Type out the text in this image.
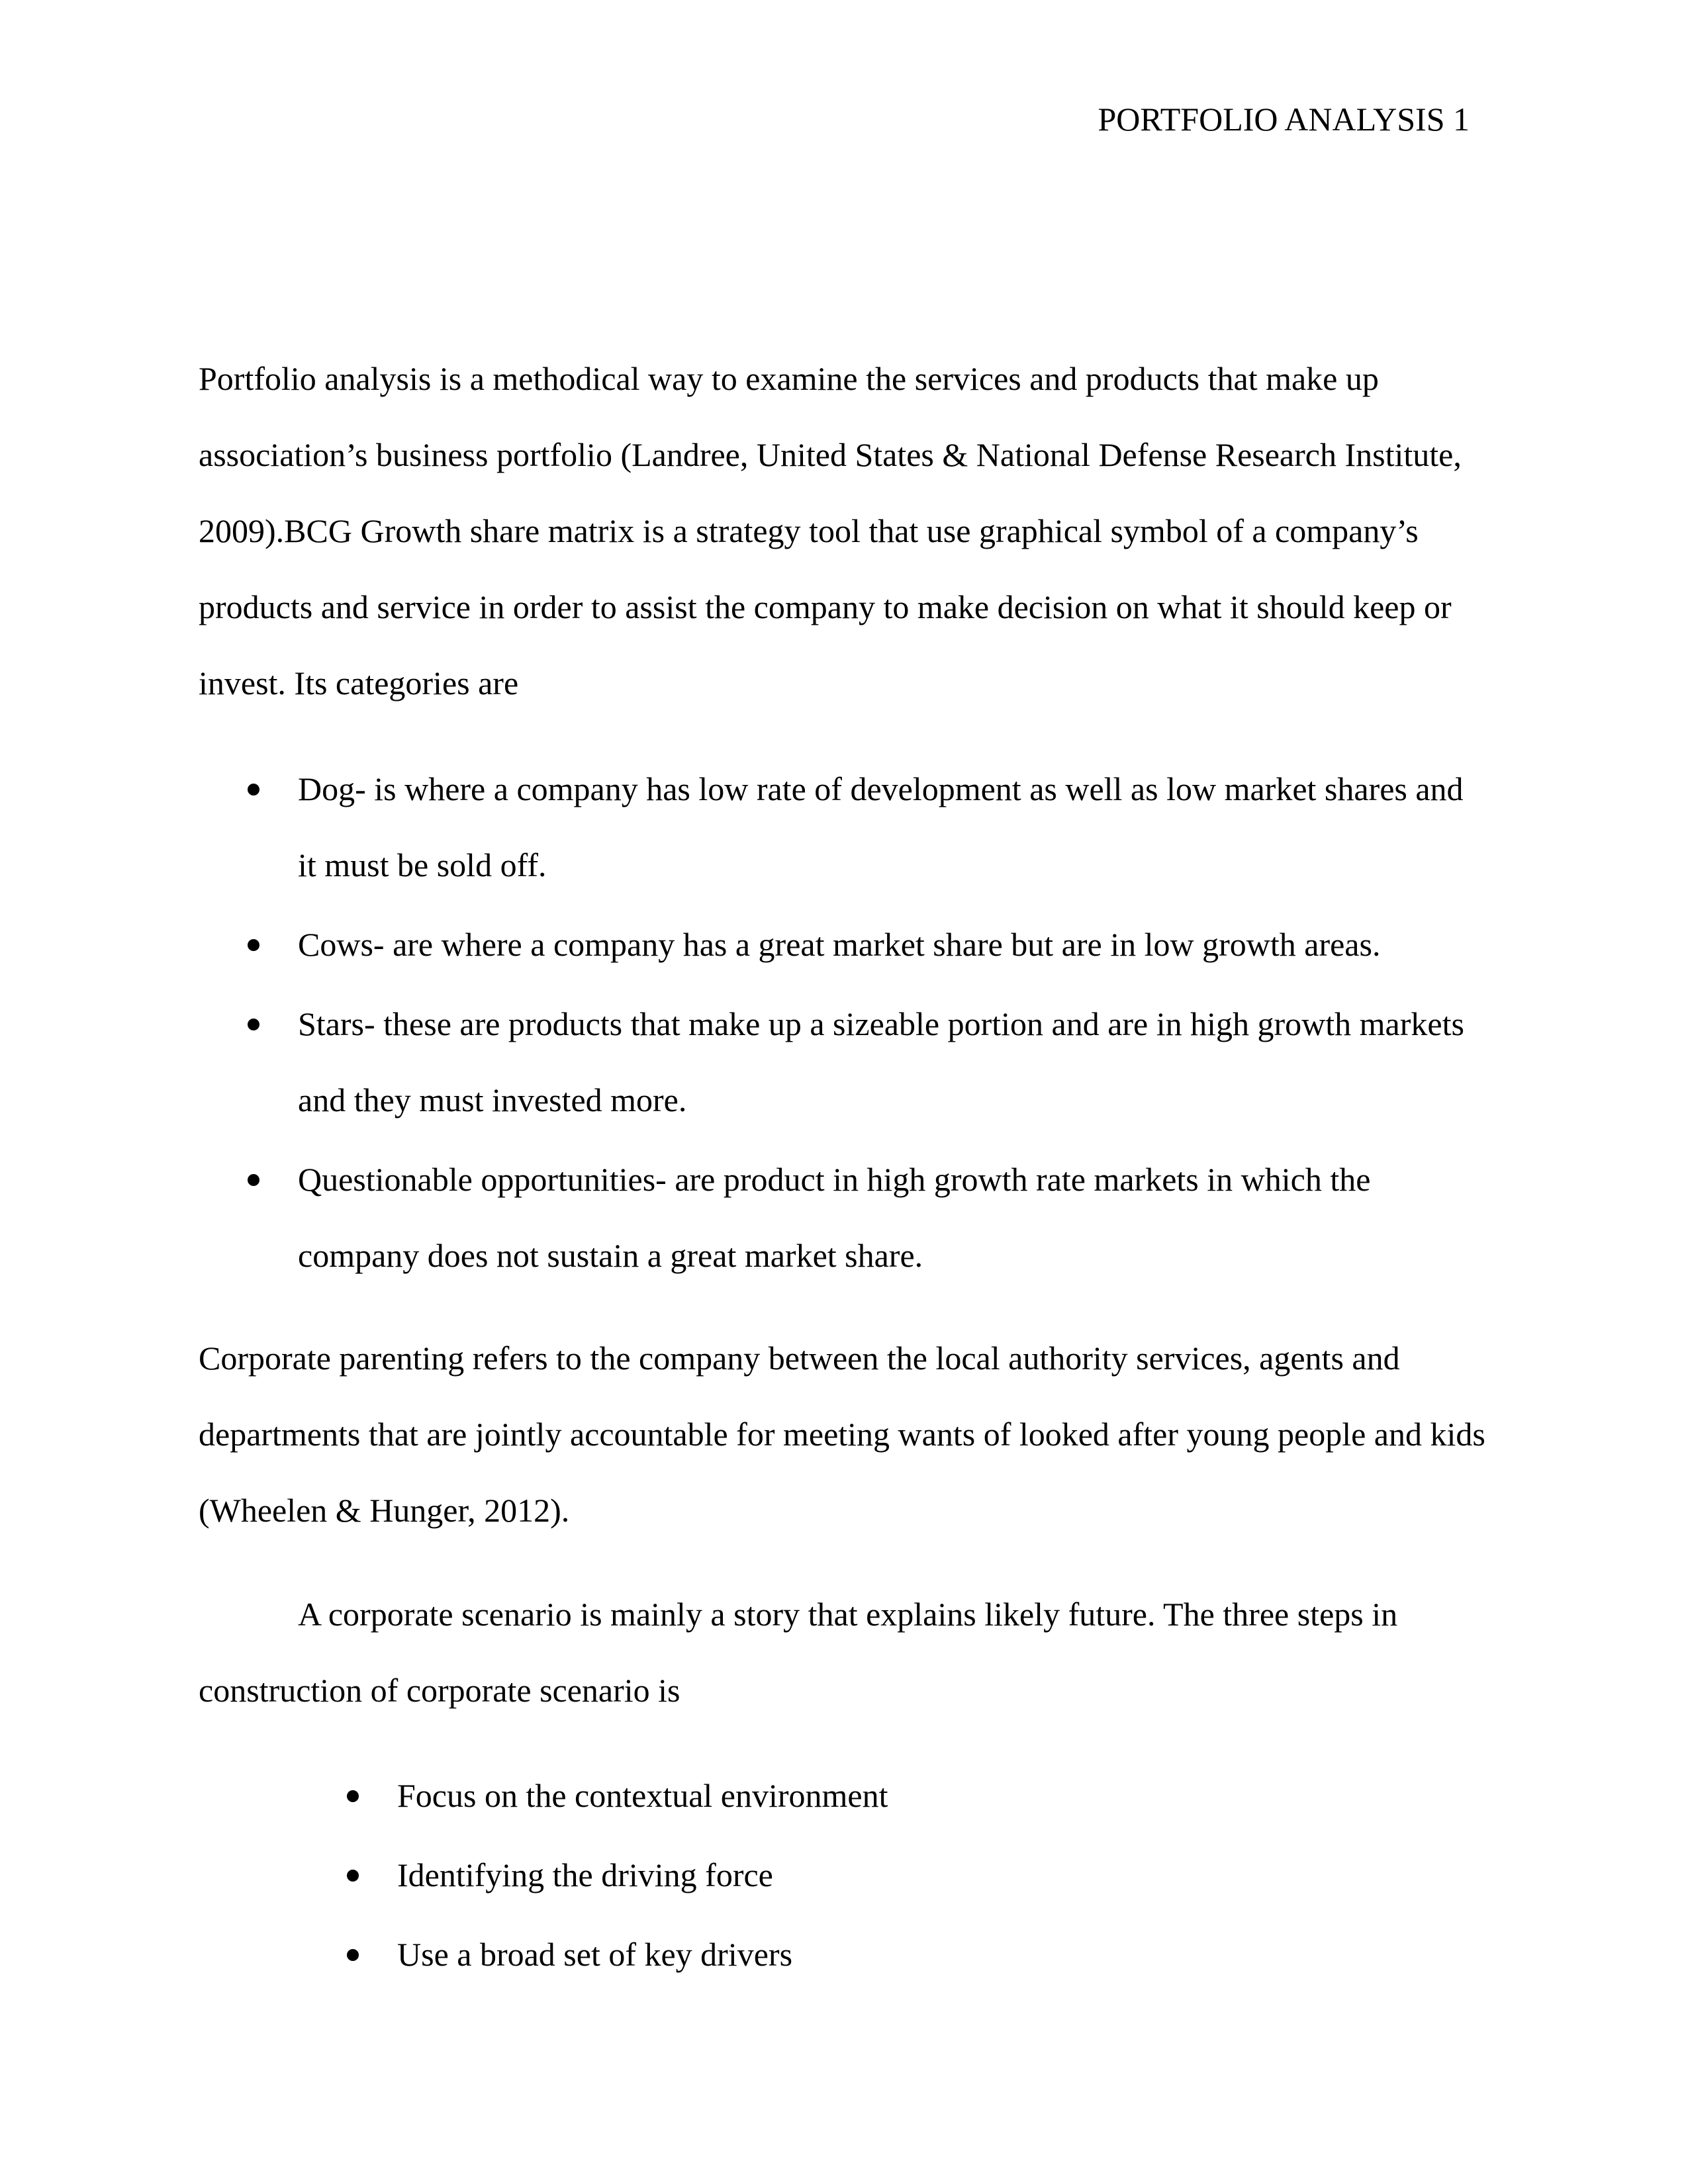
PORTFOLIO ANALYSIS 1

Portfolio analysis is a methodical way to examine the services and products that make up
association’s business portfolio (Landree, United States & National Defense Research Institute,
2009).BCG Growth share matrix is a strategy tool that use graphical symbol of a company’s
products and service in order to assist the company to make decision on what it should keep or
invest. Its categories are

Dog- is where a company has low rate of development as well as low market shares and
it must be sold off.
Cows- are where a company has a great market share but are in low growth areas.
Stars- these are products that make up a sizeable portion and are in high growth markets
and they must invested more.
Questionable opportunities- are product in high growth rate markets in which the
company does not sustain a great market share.

Corporate parenting refers to the company between the local authority services, agents and
departments that are jointly accountable for meeting wants of looked after young people and kids
(Wheelen & Hunger, 2012).

A corporate scenario is mainly a story that explains likely future. The three steps in
construction of corporate scenario is

Focus on the contextual environment
Identifying the driving force
Use a broad set of key drivers
